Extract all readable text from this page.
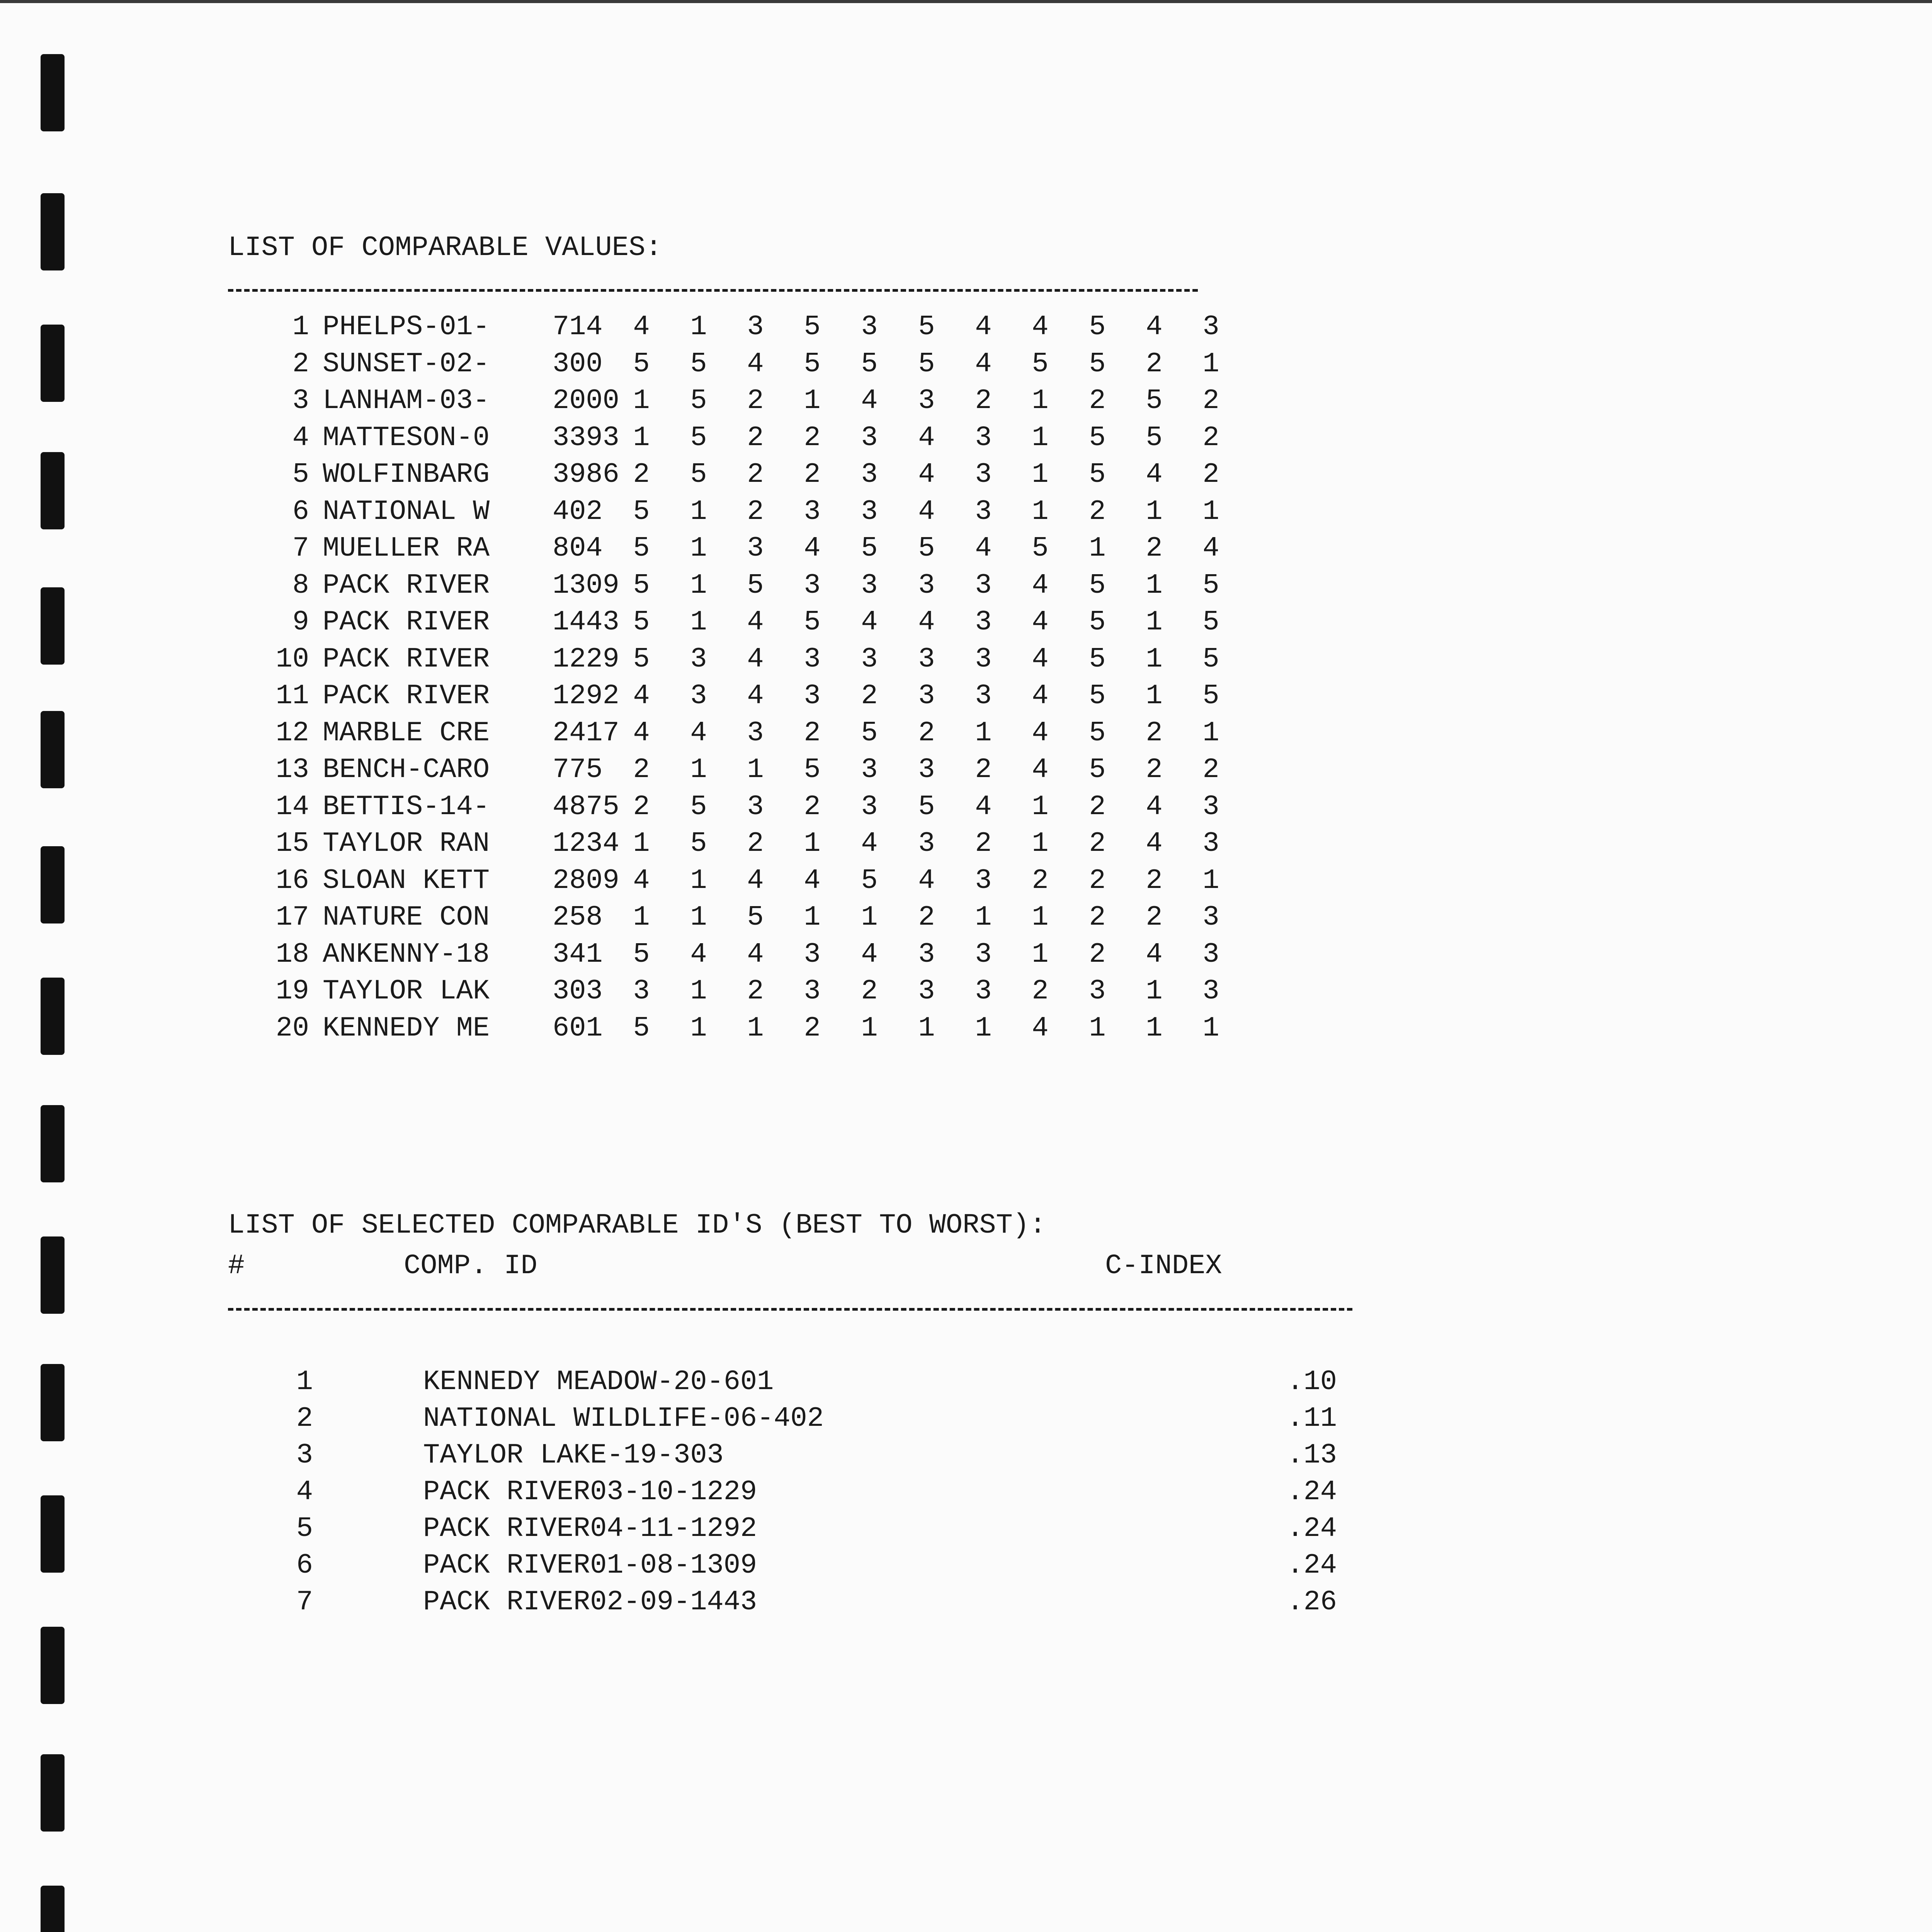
LIST OF COMPARABLE VALUES:
1 PHELPS-01- 714 4 1 3 5 3 5 4 4 5 4 3
2 SUNSET-02- 300 5 5 4 5 5 5 4 5 5 2 1
3 LANHAM-03- 2000 1 5 2 1 4 3 2 1 2 5 2
4 MATTESON-0 3393 1 5 2 2 3 4 3 1 5 5 2
5 WOLFINBARG 3986 2 5 2 2 3 4 3 1 5 4 2
6 NATIONAL W 402 5 1 2 3 3 4 3 1 2 1 1
7 MUELLER RA 804 5 1 3 4 5 5 4 5 1 2 4
8 PACK RIVER 1309 5 1 5 3 3 3 3 4 5 1 5
9 PACK RIVER 1443 5 1 4 5 4 4 3 4 5 1 5
10 PACK RIVER 1229 5 3 4 3 3 3 3 4 5 1 5
11 PACK RIVER 1292 4 3 4 3 2 3 3 4 5 1 5
12 MARBLE CRE 2417 4 4 3 2 5 2 1 4 5 2 1
13 BENCH-CARO 775 2 1 1 5 3 3 2 4 5 2 2
14 BETTIS-14- 4875 2 5 3 2 3 5 4 1 2 4 3
15 TAYLOR RAN 1234 1 5 2 1 4 3 2 1 2 4 3
16 SLOAN KETT 2809 4 1 4 4 5 4 3 2 2 2 1
17 NATURE CON 258 1 1 5 1 1 2 1 1 2 2 3
18 ANKENNY-18 341 5 4 4 3 4 3 3 1 2 4 3
19 TAYLOR LAK 303 3 1 2 3 2 3 3 2 3 1 3
20 KENNEDY ME 601 5 1 1 2 1 1 1 4 1 1 1
LIST OF SELECTED COMPARABLE ID'S (BEST TO WORST):
#	COMP. ID	C-INDEX
1	KENNEDY MEADOW-20-601	.10
2	NATIONAL WILDLIFE-06-402	.11
3	TAYLOR LAKE-19-303	.13
4	PACK RIVER03-10-1229	.24
5	PACK RIVER04-11-1292	.24
6	PACK RIVER01-08-1309	.24
7	PACK RIVER02-09-1443	.26
